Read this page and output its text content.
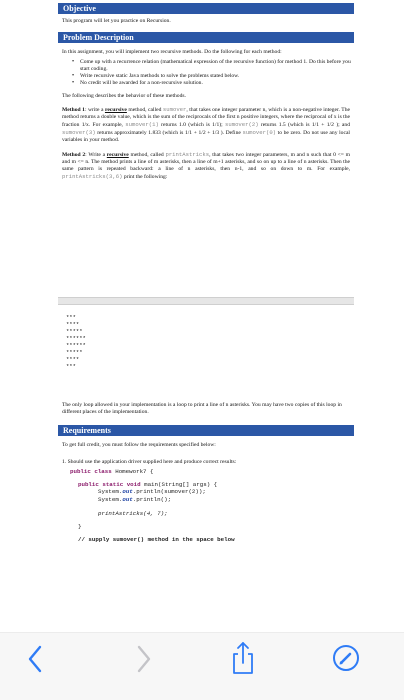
Objective
This program will let you practice on Recursion.
Problem Description
In this assignment, you will implement two recursive methods. Do the following for each method:
• Come up with a recurrence relation (mathematical expression of the recursive function) for method 1. Do this before you start coding.
• Write recursive static Java methods to solve the problems stated below.
• No credit will be awarded for a non-recursive solution.
The following describes the behavior of these methods.
Method 1: write a recursive method, called sumover, that takes one integer parameter n, which is a non-negative integer. The method returns a double value, which is the sum of the reciprocals of the first n positive integers, where the reciprocal of x is the fraction 1/x. For example, sumover(1) returns 1.0 (which is 1/1); sumover(2) returns 1.5 (which is 1/1 + 1/2 ); and sumover(3) returns approximately 1.833 (which is 1/1 + 1/2 + 1/3 ). Define sumover(0) to be zero. Do not use any local variables in your method.
Method 2: Write a recursive method, called printAstricks, that takes two integer parameters, m and n such that 0 <= m and m <= n. The method prints a line of m asterisks, then a line of m+1 asterisks, and so on up to a line of n asterisks. Then the same pattern is repeated backward: a line of n asterisks, then n-1, and so on down to m. For example, printAstricks(3,6) print the following:
***
****
*****
******
******
*****
****
***
The only loop allowed in your implementation is a loop to print a line of n asterisks. You may have two copies of this loop in different places of the implementation.
Requirements
To get full credit, you must follow the requirements specified below:
1. Should use the application driver supplied here and produce correct results:
public class Homework7 {
public static void main(String[] args) {
System.out.println(sumover(2));
System.out.println();
printAstricks(4, 7);
}
// supply sumover() method in the space below
